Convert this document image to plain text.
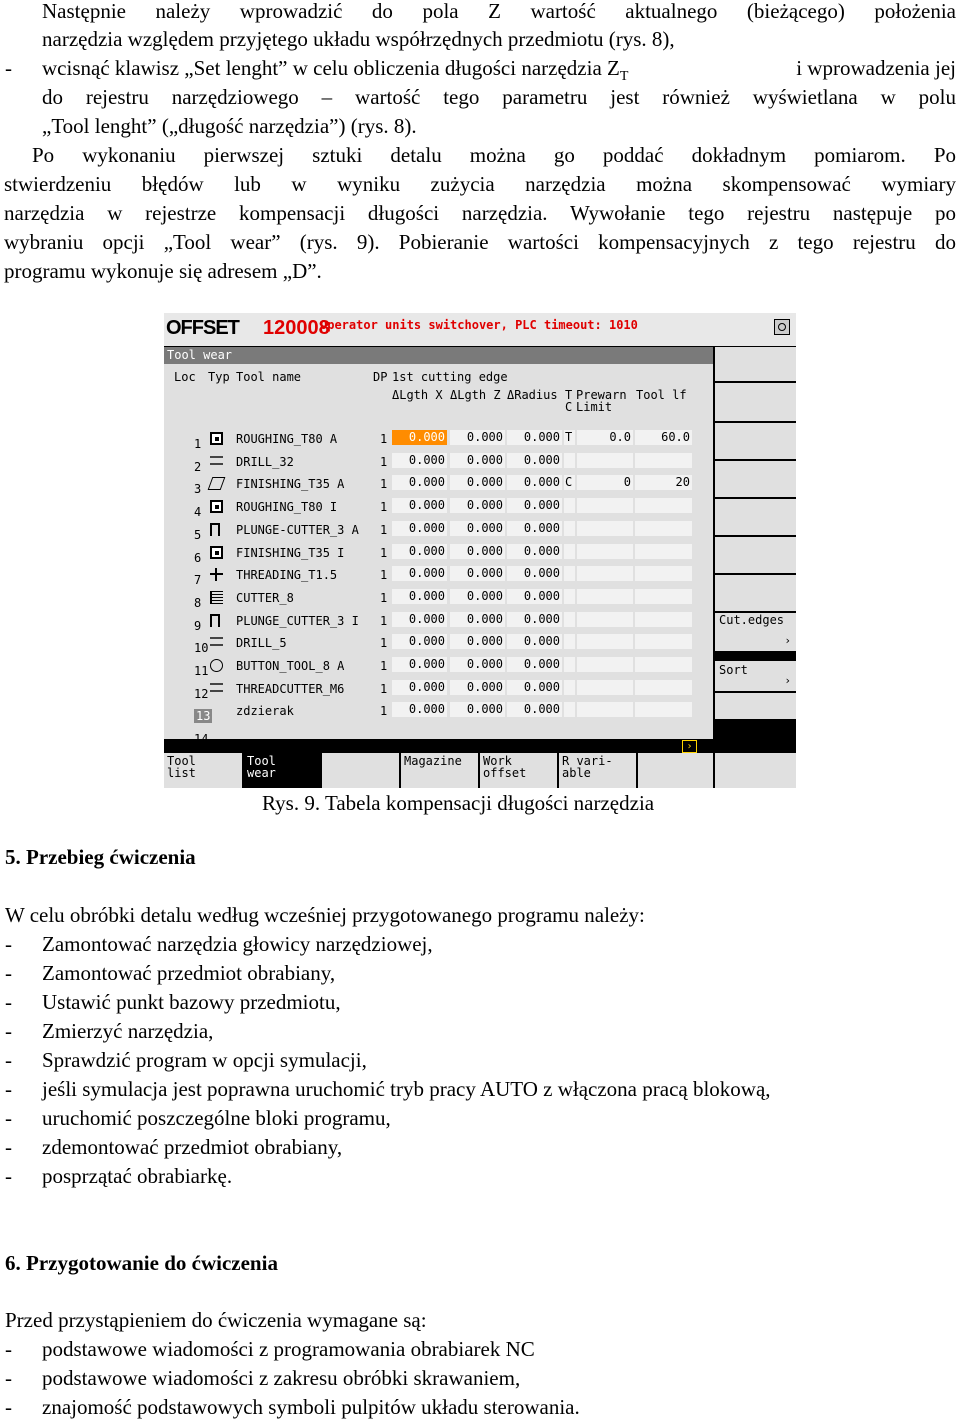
Następnie należy wprowadzić do pola Z wartość aktualnego (bieżącego) położenia
narzędzia względem przyjętego układu współrzędnych przedmiotu (rys. 8),
- wcisnąć klawisz „Set lenght” w celu obliczenia długości narzędzia $Z_T$	i wprowadzenia jej
do rejestru narzędziowego – wartość tego parametru jest również wyświetlana w polu
„Tool lenght” („długość narzędzia”) (rys. 8).
Po wykonaniu pierwszej sztuki detalu można go poddać dokładnym pomiarom. Po
stwierdzeniu błędów lub w wyniku zużycia narzędzia można skompensować wymiary
narzędzia w rejestrze kompensacji długości narzędzia. Wywołanie tego rejestru następuje po
wybraniu opcji „Tool wear” (rys. 9). Pobieranie wartości kompensacyjnych z tego rejestru do
programu wykonuje się adresem „D”.
OFFSET 120008
Operator units switchover, PLC timeout: 1010
Tool wear
Loc Typ Tool name	DP 1st cutting edge
ΔLgth X ΔLgth Z ΔRadius T
C
Prewarn
Limit
Tool lf
1	ROUGHING_T80 A	1	0.000	0.000	0.000 T	0.0	60.0
2	DRILL_32	1	0.000	0.000	0.000
3	FINISHING_T35 A	1	0.000	0.000	0.000 C	0	20
4	ROUGHING_T80 I	1	0.000	0.000	0.000
5	PLUNGE-CUTTER_3 A 1	0.000	0.000	0.000
6	FINISHING_T35 I	1	0.000	0.000	0.000
7	THREADING_T1.5	1	0.000	0.000	0.000
8	CUTTER_8	1	0.000	0.000	0.000
9	PLUNGE_CUTTER_3 I 1	0.000	0.000	0.000
10 DRILL_5	1	0.000	0.000	0.000
11 BUTTON_TOOL_8 A	1	0.000	0.000	0.000
12 THREADCUTTER_M6	1	0.000	0.000	0.000
13 zdzierak	1	0.000	0.000	0.000
Cut.edges
›
Sort
›
›
Tool
list
Tool
wear
Magazine	Work
offset
R vari-
able
Rys. 9. Tabela kompensacji długości narzędzia
5. Przebieg ćwiczenia
W celu obróbki detalu według wcześniej przygotowanego programu należy:
- Zamontować narzędzia głowicy narzędziowej,
- Zamontować przedmiot obrabiany,
- Ustawić punkt bazowy przedmiotu,
- Zmierzyć narzędzia,
- Sprawdzić program w opcji symulacji,
- jeśli symulacja jest poprawna uruchomić tryb pracy AUTO z włączona pracą blokową,
- uruchomić poszczególne bloki programu,
- zdemontować przedmiot obrabiany,
- posprzątać obrabiarkę.
6. Przygotowanie do ćwiczenia
Przed przystąpieniem do ćwiczenia wymagane są:
- podstawowe wiadomości z programowania obrabiarek NC
- podstawowe wiadomości z zakresu obróbki skrawaniem,
- znajomość podstawowych symboli pulpitów układu sterowania.
